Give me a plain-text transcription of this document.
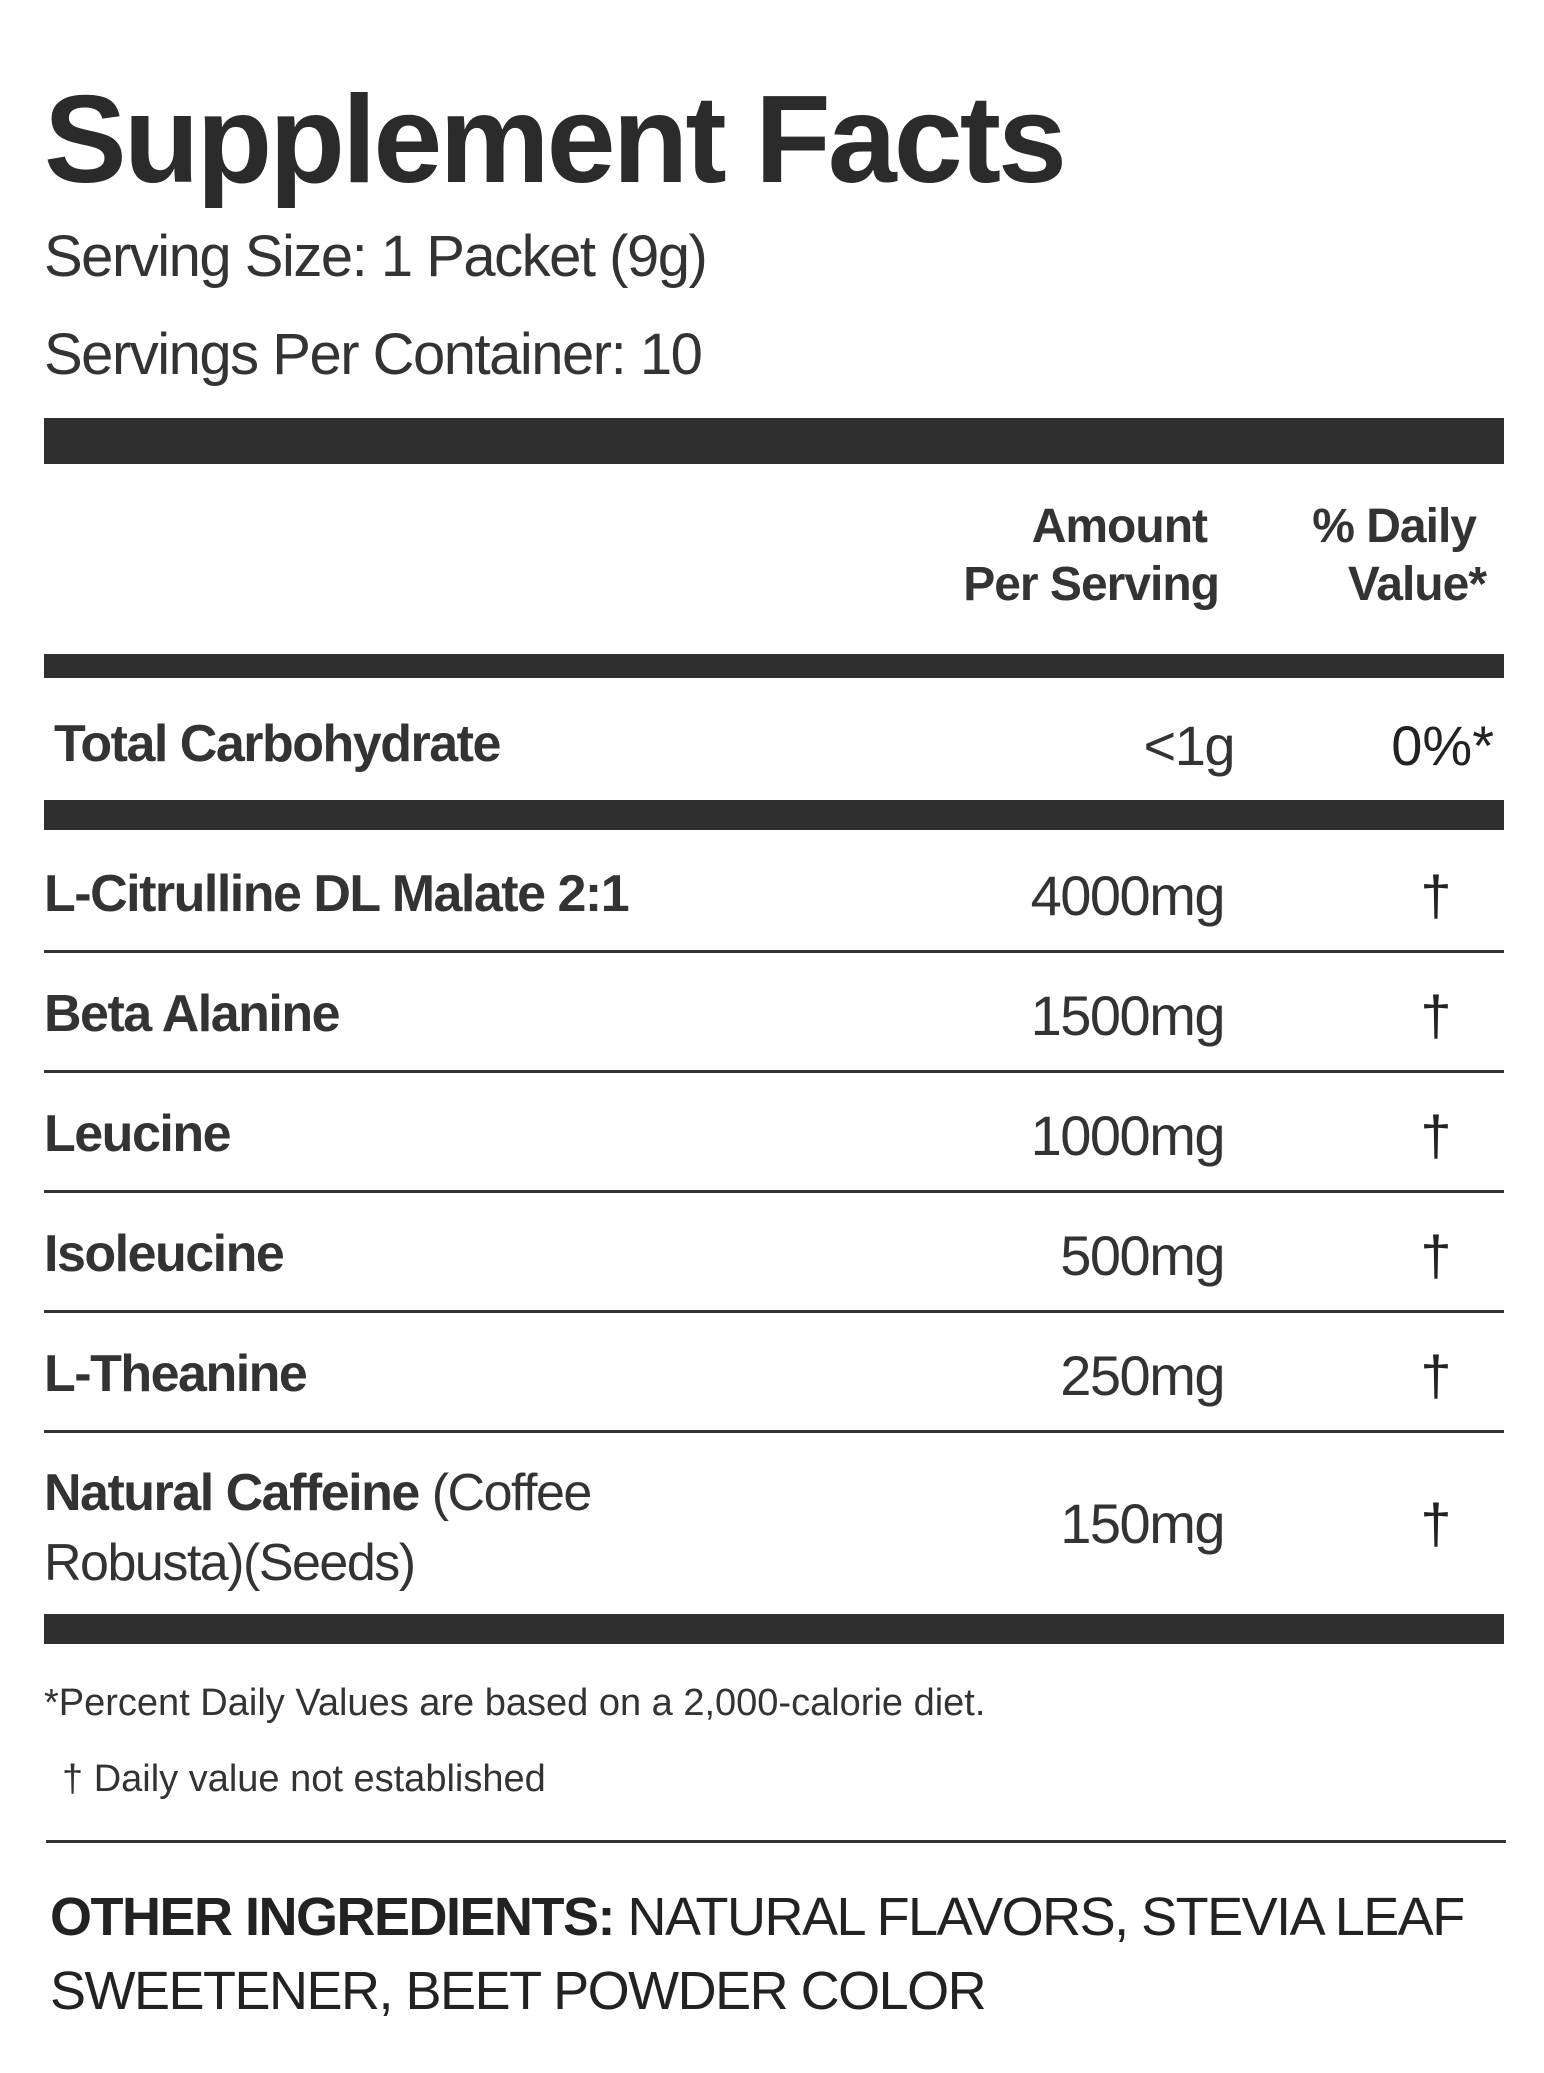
Supplement Facts
Serving Size: 1 Packet (9g)
Servings Per Container: 10
Amount
Per Serving
% Daily
Value*
Total Carbohydrate	<1g	0%*
L-Citrulline DL Malate 2:1	4000mg	†
Beta Alanine	1500mg	†
Leucine	1000mg	†
Isoleucine	500mg	†
L-Theanine	250mg	†
Natural Caffeine (Coffee
Robusta)(Seeds)
150mg	†
*Percent Daily Values are based on a 2,000-calorie diet.
† Daily value not established
OTHER INGREDIENTS: NATURAL FLAVORS, STEVIA LEAF SWEETENER, BEET POWDER COLOR
